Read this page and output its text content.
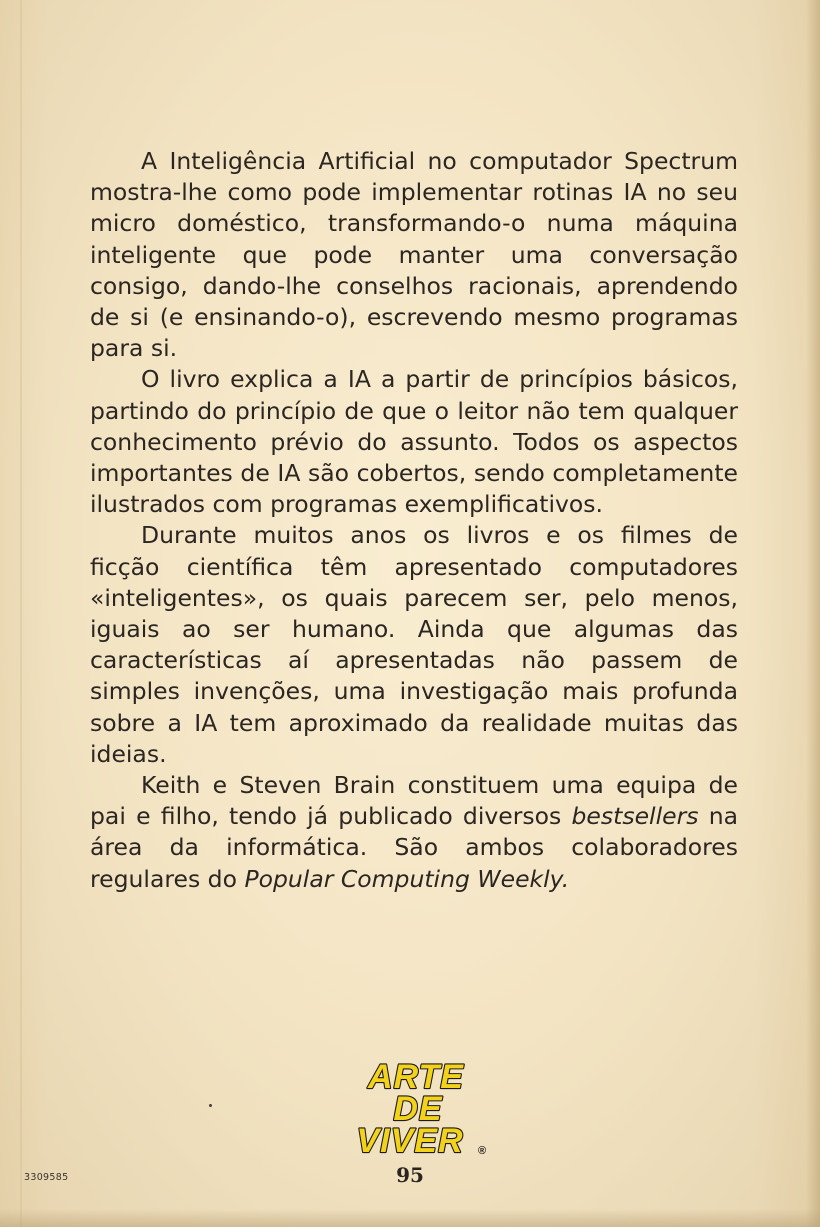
A Inteligência Artificial no computador Spectrum mostra-lhe como pode implementar rotinas IA no seu micro doméstico, transformando-o numa máquina inteligente que pode manter uma conversação consigo, dando-lhe conselhos racionais, aprendendo de si (e ensinando-o), escrevendo mesmo programas para si.

O livro explica a IA a partir de princípios básicos, partindo do princípio de que o leitor não tem qualquer conhecimento prévio do assunto. Todos os aspectos importantes de IA são cobertos, sendo completamente ilustrados com programas exemplificativos.

Durante muitos anos os livros e os filmes de ficção científica têm apresentado computadores «inteligentes», os quais parecem ser, pelo menos, iguais ao ser humano. Ainda que algumas das características aí apresentadas não passem de simples invenções, uma investigação mais profunda sobre a IA tem aproximado da realidade muitas das ideias.

Keith e Steven Brain constituem uma equipa de pai e filho, tendo já publicado diversos bestsellers na área da informática. São ambos colaboradores regulares do Popular Computing Weekly.

ARTE
DE
VIVER ®
95
3309585
